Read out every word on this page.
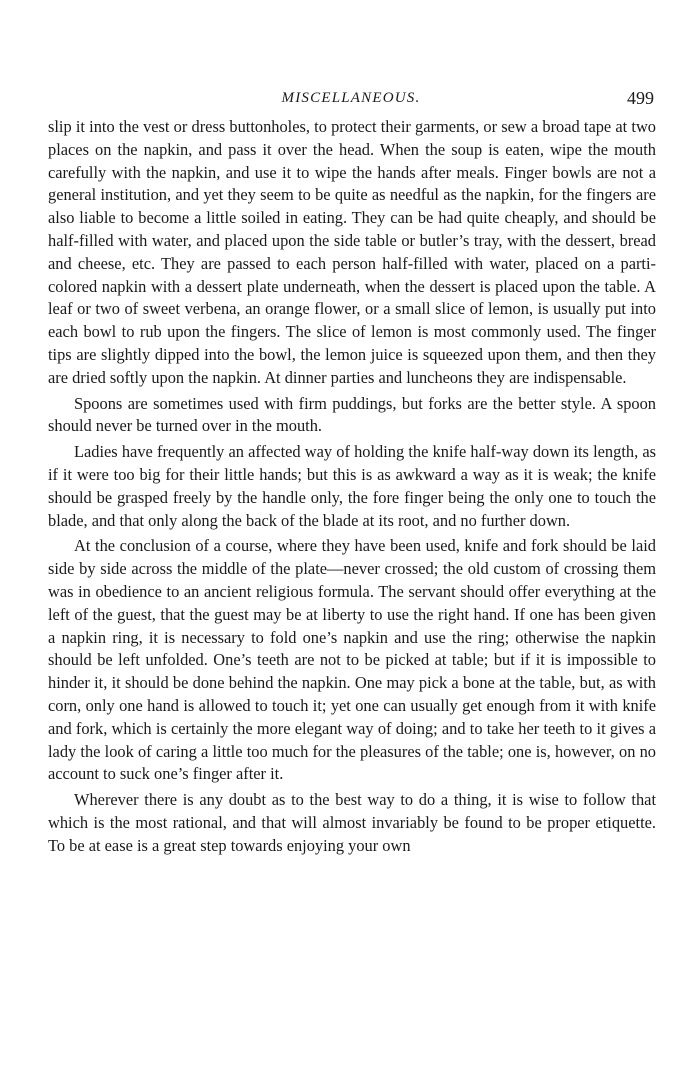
MISCELLANEOUS.	499

slip it into the vest or dress buttonholes, to protect their garments, or sew a broad tape at two places on the napkin, and pass it over the head. When the soup is eaten, wipe the mouth carefully with the napkin, and use it to wipe the hands after meals. Finger bowls are not a general institution, and yet they seem to be quite as needful as the napkin, for the fingers are also liable to become a little soiled in eating. They can be had quite cheaply, and should be half-filled with water, and placed upon the side table or butler’s tray, with the dessert, bread and cheese, etc. They are passed to each person half-filled with water, placed on a parti-colored napkin with a dessert plate underneath, when the dessert is placed upon the table. A leaf or two of sweet verbena, an orange flower, or a small slice of lemon, is usually put into each bowl to rub upon the fingers. The slice of lemon is most commonly used. The finger tips are slightly dipped into the bowl, the lemon juice is squeezed upon them, and then they are dried softly upon the napkin. At dinner parties and luncheons they are indispensable.

Spoons are sometimes used with firm puddings, but forks are the better style. A spoon should never be turned over in the mouth.

Ladies have frequently an affected way of holding the knife half-way down its length, as if it were too big for their little hands; but this is as awkward a way as it is weak; the knife should be grasped freely by the handle only, the fore finger being the only one to touch the blade, and that only along the back of the blade at its root, and no further down.

At the conclusion of a course, where they have been used, knife and fork should be laid side by side across the middle of the plate—never crossed; the old custom of crossing them was in obedience to an ancient religious formula. The servant should offer everything at the left of the guest, that the guest may be at liberty to use the right hand. If one has been given a napkin ring, it is necessary to fold one’s napkin and use the ring; otherwise the napkin should be left unfolded. One’s teeth are not to be picked at table; but if it is impossible to hinder it, it should be done behind the napkin. One may pick a bone at the table, but, as with corn, only one hand is allowed to touch it; yet one can usually get enough from it with knife and fork, which is certainly the more elegant way of doing; and to take her teeth to it gives a lady the look of caring a little too much for the pleasures of the table; one is, however, on no account to suck one’s finger after it.

Wherever there is any doubt as to the best way to do a thing, it is wise to follow that which is the most rational, and that will almost invariably be found to be proper etiquette. To be at ease is a great step towards enjoying your own
